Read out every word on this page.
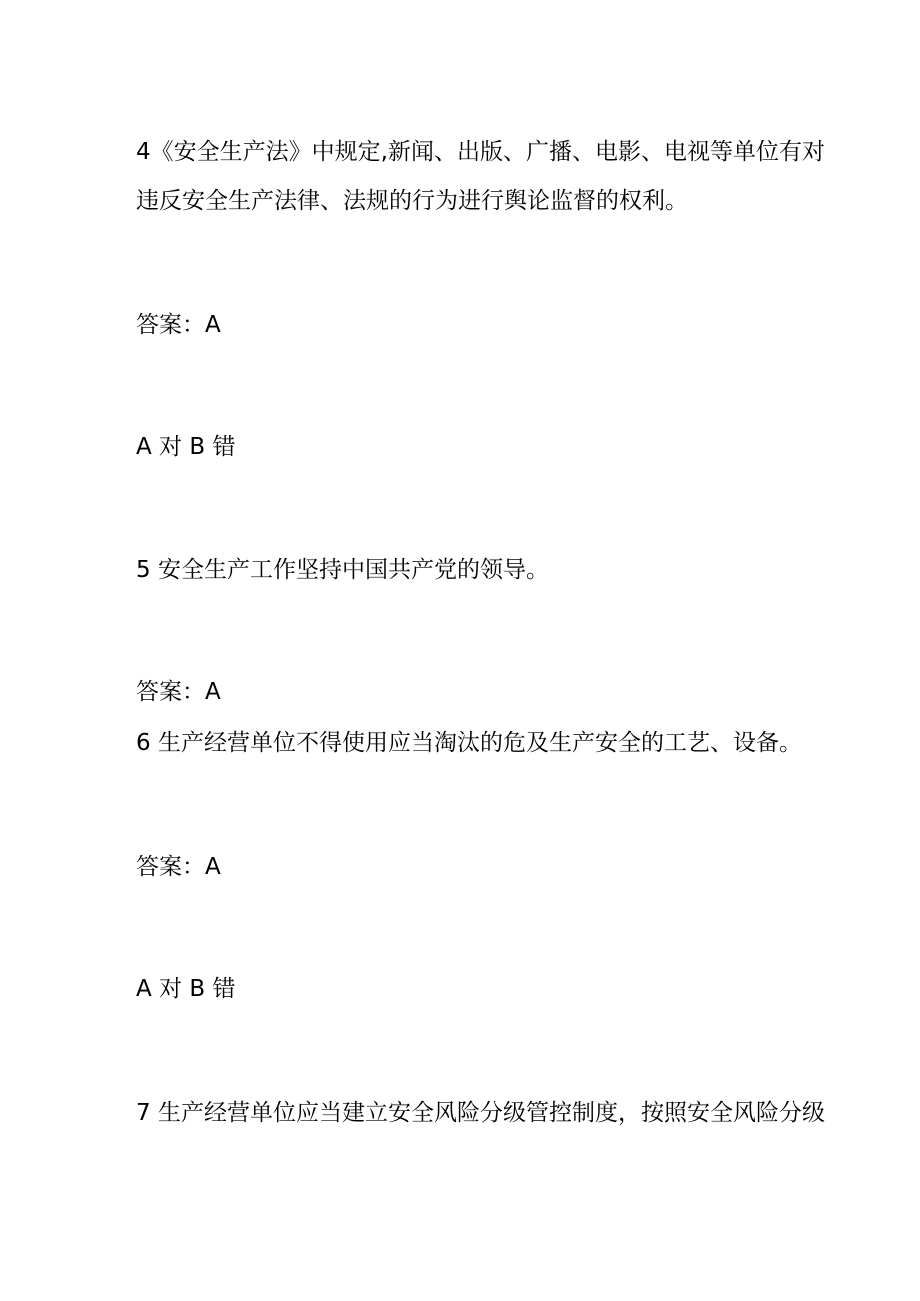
4《安全生产法》中规定,新闻、出版、广播、电影、电视等单位有对

违反安全生产法律、法规的行为进行舆论监督的权利。

答案：A

A 对 B 错

5 安全生产工作坚持中国共产党的领导。

答案：A

6 生产经营单位不得使用应当淘汰的危及生产安全的工艺、设备。

答案：A

A 对 B 错

7 生产经营单位应当建立安全风险分级管控制度，按照安全风险分级
